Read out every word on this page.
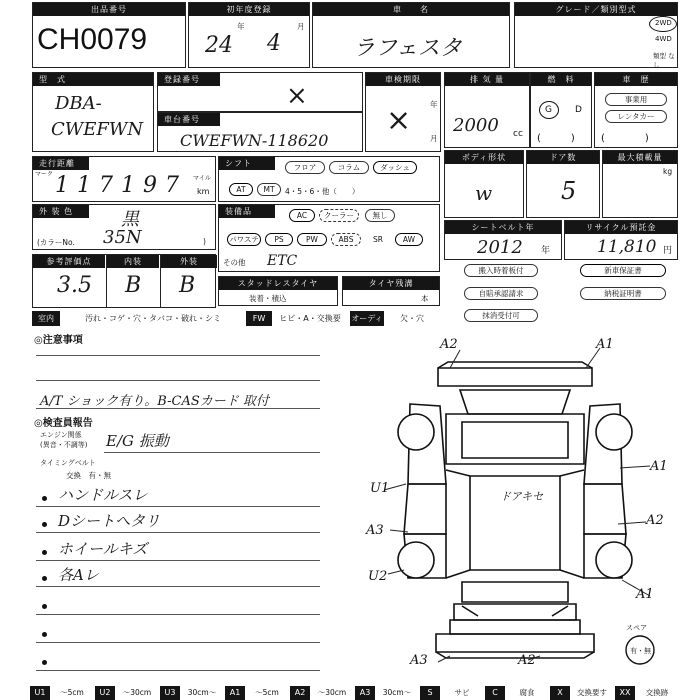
出品番号
CH0079
初年度登録
年	月
24 4
車　　名
ラフェスタ
グレード／類別型式
2WD
4WD
類型 なし
型　式
DBA-
CWEFWN
登録番号
×
車台番号
CWEFWN-118620
車検期限
年
月
×
排 気 量
2000 cc
燃　料
G	D
(　　　)
車　歴
事業用
レンタカー
(　　　　)
走行距離
マーク 117197 マイル
km
シフト	フロア	コラム	ダッシュ
AT	MT	4・5・6・他（　　）
ボディ形状
w
ドア数
5
最大積載量
kg
外 装 色	黒
(カラーNo. 35N	)
装備品	AC	クーラー	無し
パワステ	PS	PW	ABS	SR	AW
その他 ETC
シートベルト年
2012 年
リサイクル預託金
11,810 円
参考評価点	内装	外装
3.5 B B	スタッドレスタイヤ
装着・積込
タイヤ残溝
本
搬入時着板付	新車保証書
自賠承認請求	納税証明書
抹消受付可
室内	汚れ・コゲ・穴・タバコ・破れ・シミ	FW	ヒビ・A・交換要	オーディオ
欠・穴
◎注意事項
A/T ショック有り。B-CASカード 取付
◎検査員報告
エンジン関係
(異音・不調等) E/G 振動
タイミングベルト
交換　有・無
ハンドルスレ
Dシートへタリ
ホイールキズ
各Aレ
A2	A1
A1
A2
A3
U1
U2
A1
A3	A2
ドアキセ
スペア
有・無
U1	〜5cm	U2	〜30cm	U3	30cm〜	A1	〜5cm	A2	〜30cm	A3	30cm〜	S	サビ	C	腐食	X	交換要す	XX	交換跡
